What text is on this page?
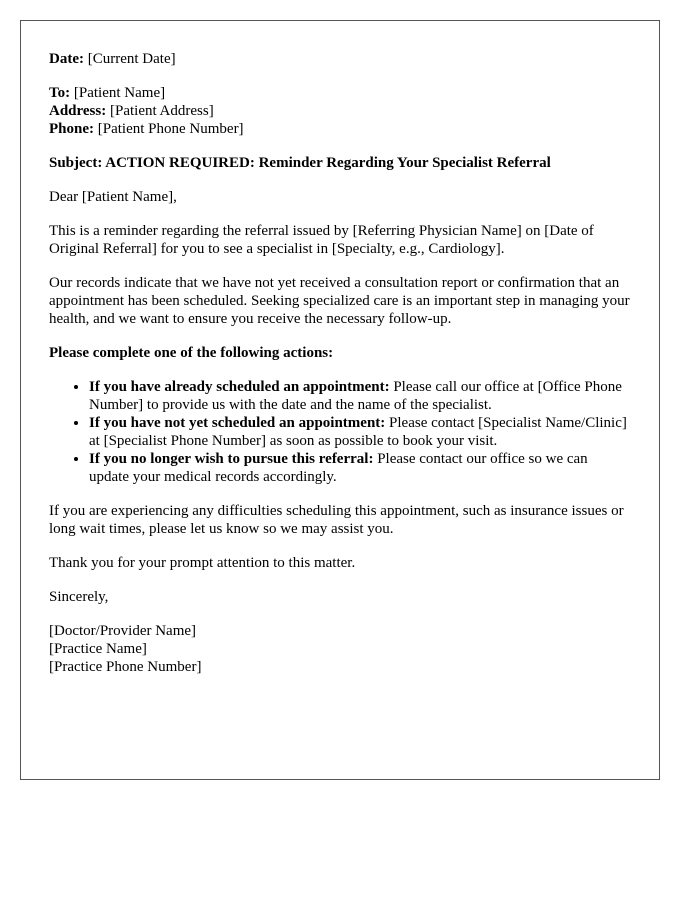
Date: [Current Date]
To: [Patient Name]
Address: [Patient Address]
Phone: [Patient Phone Number]
Subject: ACTION REQUIRED: Reminder Regarding Your Specialist Referral
Dear [Patient Name],
This is a reminder regarding the referral issued by [Referring Physician Name] on [Date of Original Referral] for you to see a specialist in [Specialty, e.g., Cardiology].
Our records indicate that we have not yet received a consultation report or confirmation that an appointment has been scheduled. Seeking specialized care is an important step in managing your health, and we want to ensure you receive the necessary follow-up.
Please complete one of the following actions:
• If you have already scheduled an appointment: Please call our office at [Office Phone Number] to provide us with the date and the name of the specialist.
• If you have not yet scheduled an appointment: Please contact [Specialist Name/Clinic] at [Specialist Phone Number] as soon as possible to book your visit.
• If you no longer wish to pursue this referral: Please contact our office so we can update your medical records accordingly.
If you are experiencing any difficulties scheduling this appointment, such as insurance issues or long wait times, please let us know so we may assist you.
Thank you for your prompt attention to this matter.
Sincerely,
[Doctor/Provider Name]
[Practice Name]
[Practice Phone Number]
